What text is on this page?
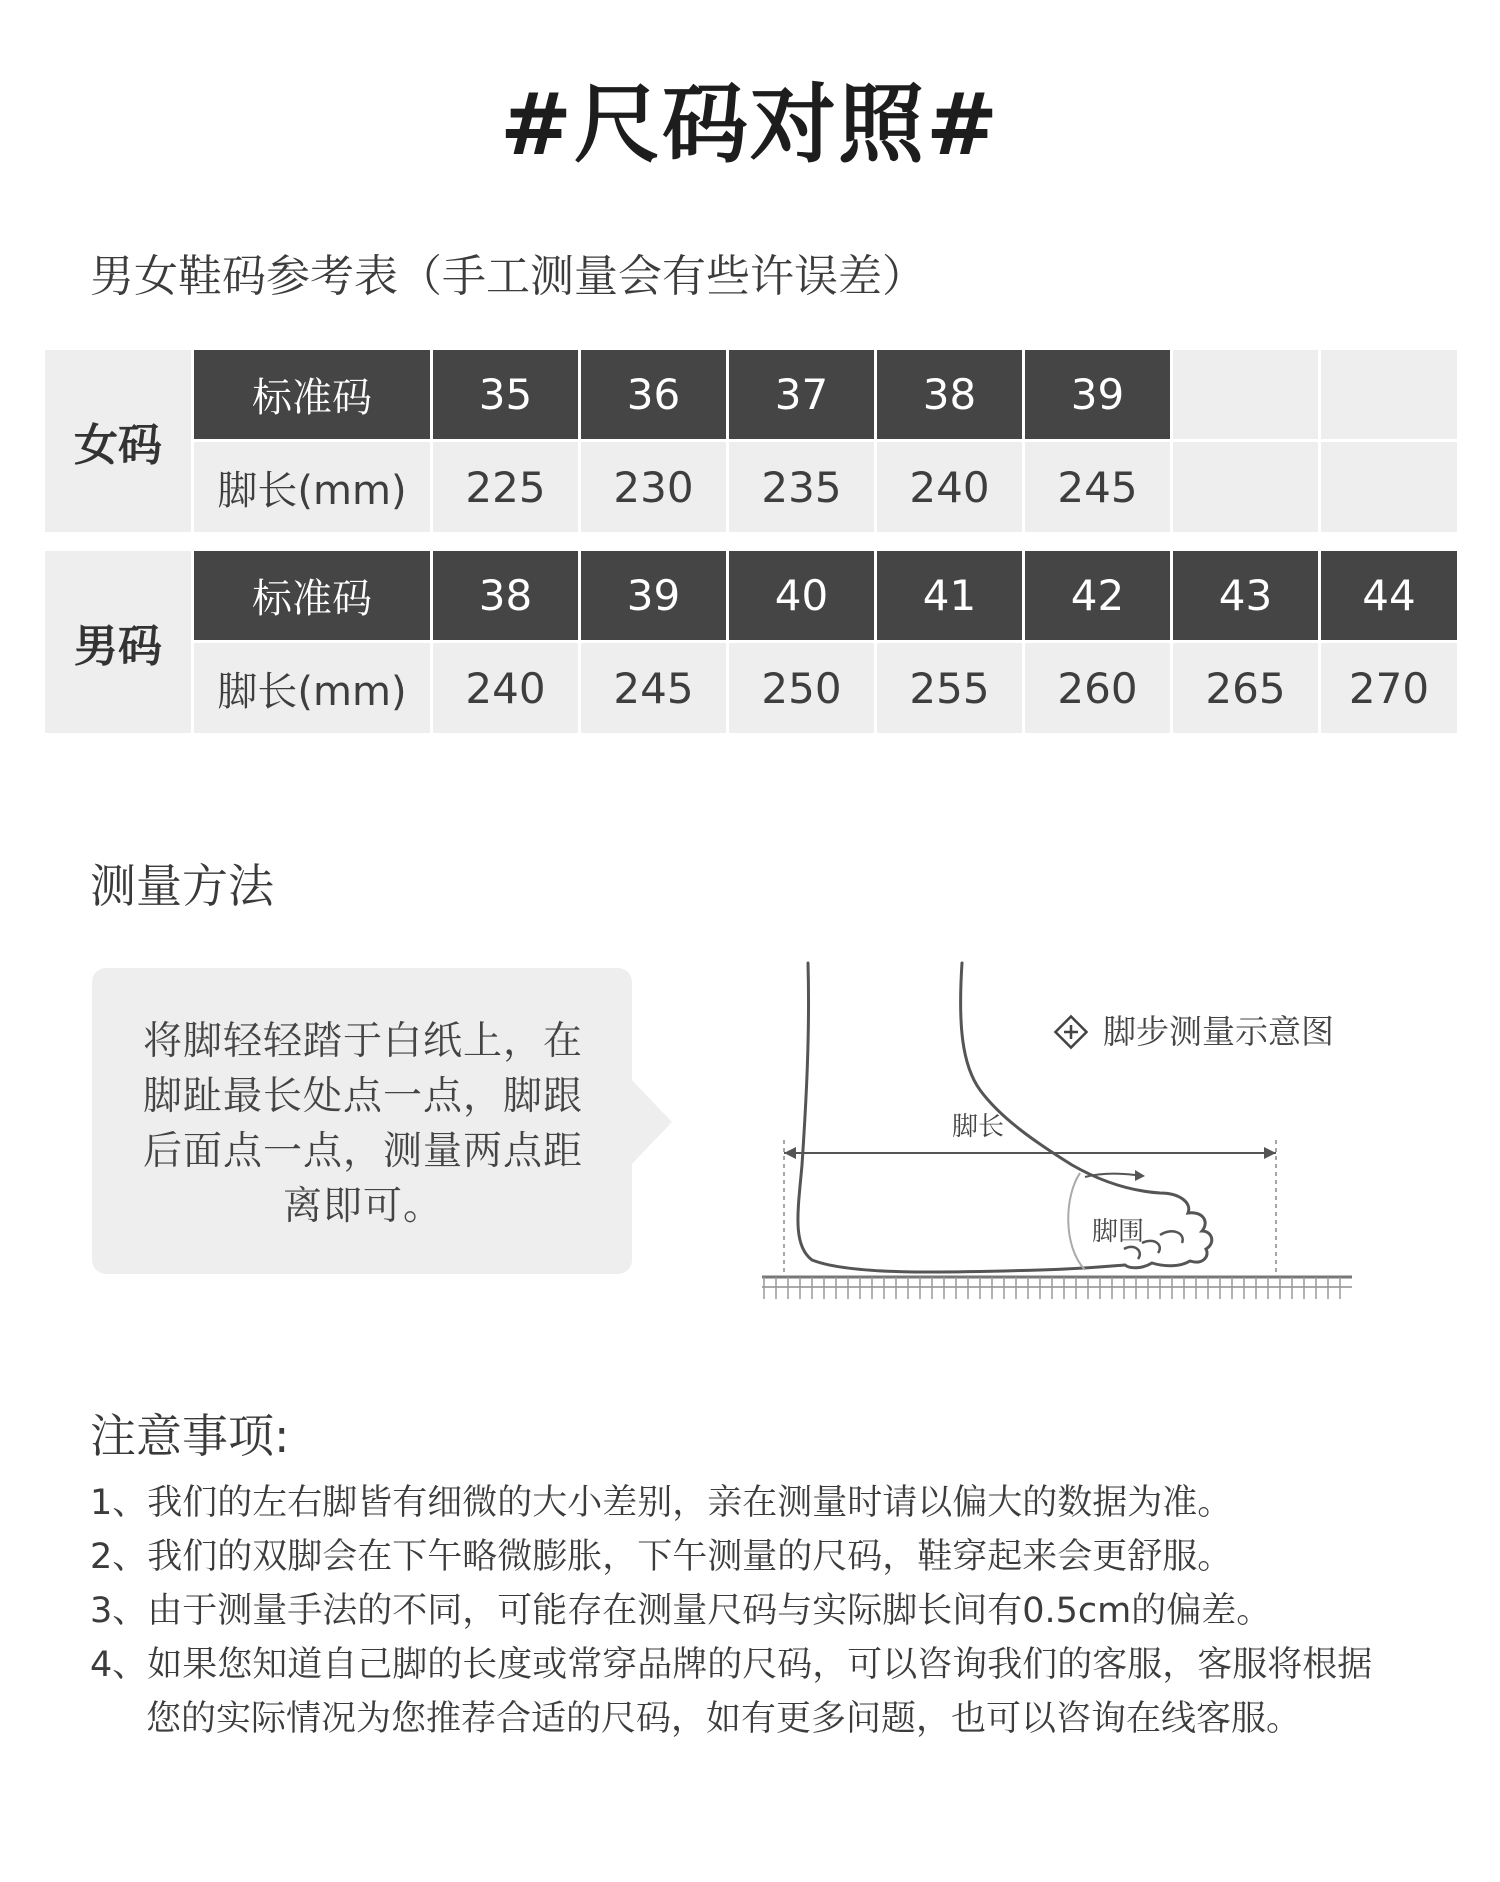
#尺码对照#
男女鞋码参考表（手工测量会有些许误差）
女码
标准码	35	36	37	38	39
脚长(mm)	225	230	235	240	245
男码
标准码	38	39	40	41	42	43	44
脚长(mm)	240	245	250	255	260	265	270
测量方法
将脚轻轻踏于白纸上，在脚趾最长处点一点，脚跟后面点一点，测量两点距离即可。
脚步测量示意图
脚围
脚长
注意事项:
1、我们的左右脚皆有细微的大小差别，亲在测量时请以偏大的数据为准。
2、我们的双脚会在下午略微膨胀，下午测量的尺码，鞋穿起来会更舒服。
3、由于测量手法的不同，可能存在测量尺码与实际脚长间有0.5cm的偏差。
4、如果您知道自己脚的长度或常穿品牌的尺码，可以咨询我们的客服，客服将根据
您的实际情况为您推荐合适的尺码，如有更多问题，也可以咨询在线客服。
